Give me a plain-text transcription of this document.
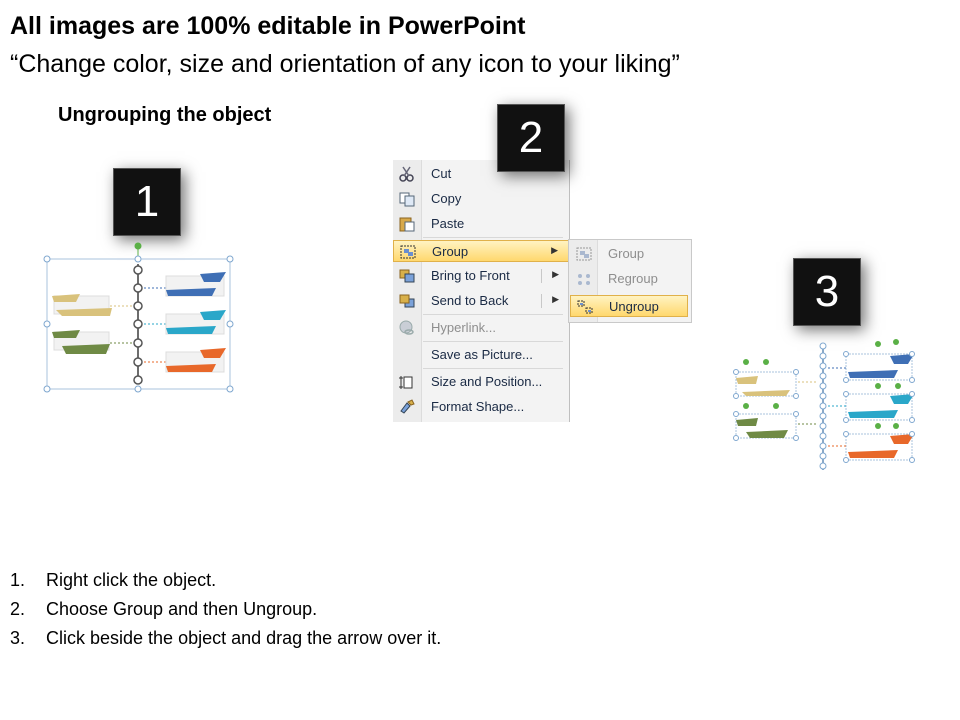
All images are 100% editable in PowerPoint
“Change color, size and orientation of any icon to your liking”
Ungrouping the object
1
Cut
Copy
Paste
Group	▶
Bring to Front	▶
Send to Back	▶
Hyperlink...
Save as Picture...
Size and Position...
Format Shape...
Group
Regroup
Ungroup
2
3
1. Right click the object.
2. Choose Group and then Ungroup.
3. Click beside the object and drag the arrow over it.
